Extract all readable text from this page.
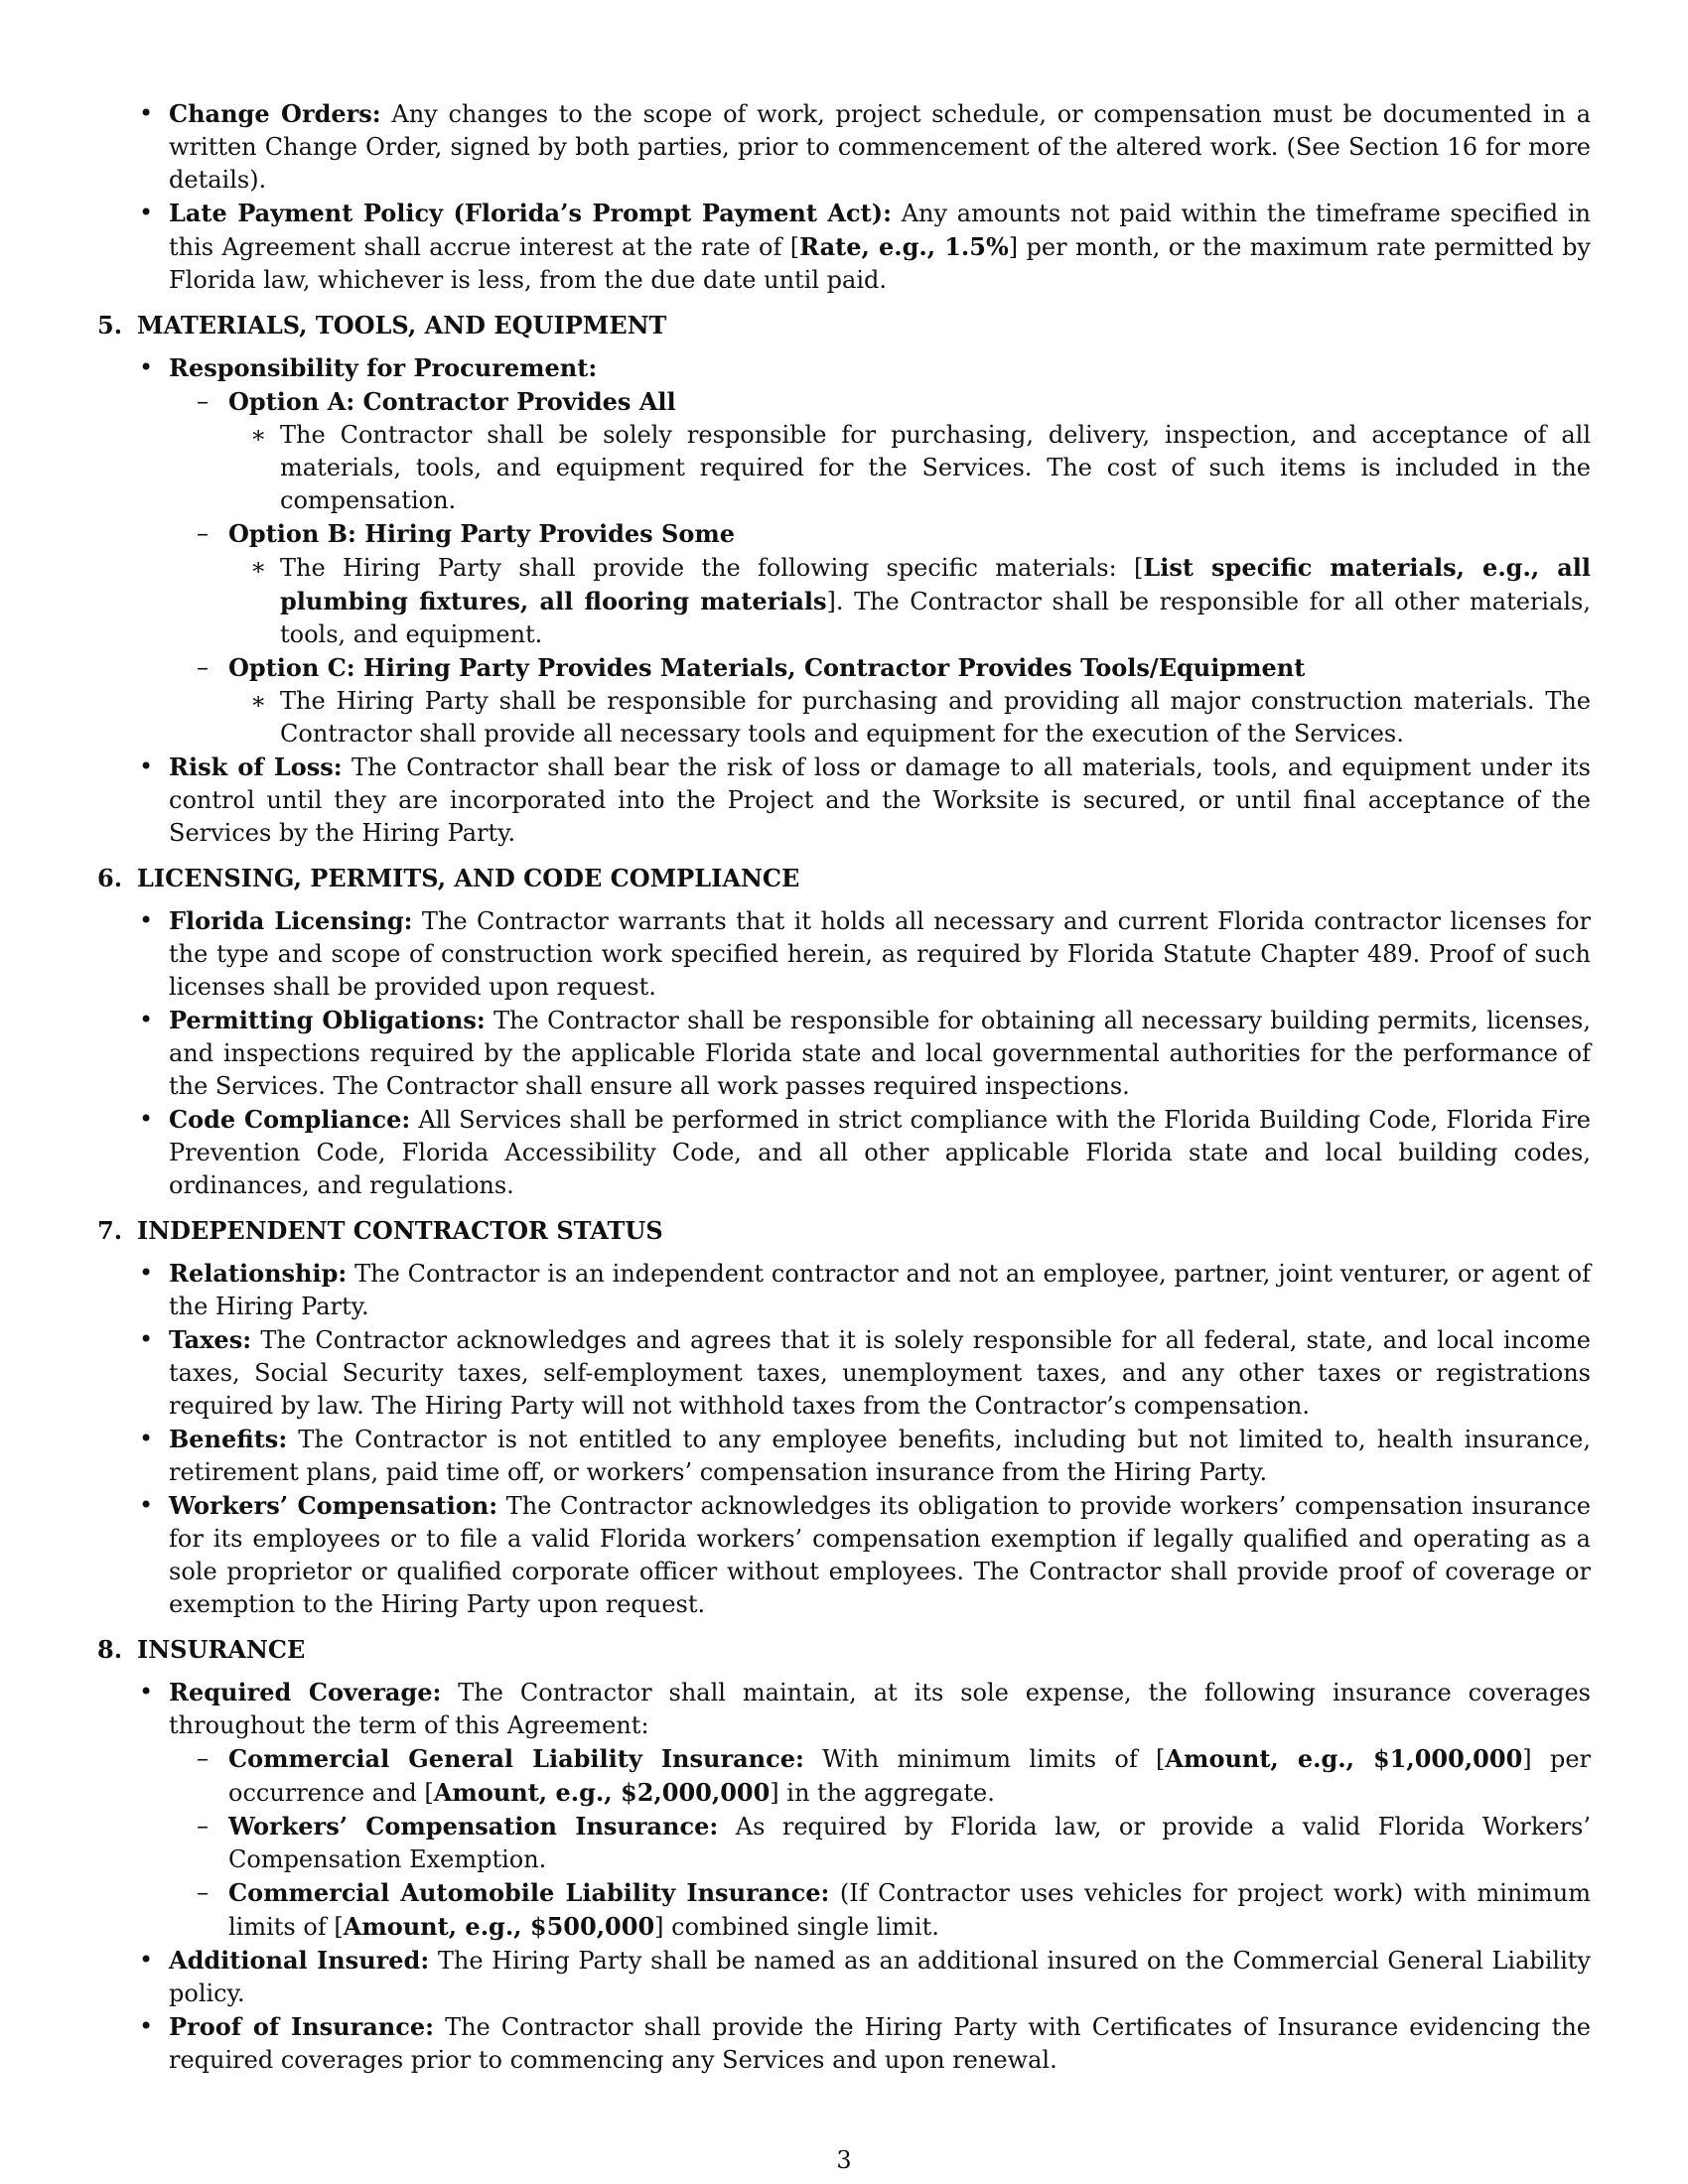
• Change Orders: Any changes to the scope of work, project schedule, or compensation must be documented in a written Change Order, signed by both parties, prior to commencement of the altered work. (See Section 16 for more details).
• Late Payment Policy (Florida’s Prompt Payment Act): Any amounts not paid within the timeframe specified in this Agreement shall accrue interest at the rate of [Rate, e.g., 1.5%] per month, or the maximum rate permitted by Florida law, whichever is less, from the due date until paid.
5. MATERIALS, TOOLS, AND EQUIPMENT
• Responsibility for Procurement:
– Option A: Contractor Provides All
∗ The Contractor shall be solely responsible for purchasing, delivery, inspection, and acceptance of all materials, tools, and equipment required for the Services. The cost of such items is included in the compensation.
– Option B: Hiring Party Provides Some
∗ The Hiring Party shall provide the following specific materials: [List specific materials, e.g., all plumbing fixtures, all flooring materials]. The Contractor shall be responsible for all other materials, tools, and equipment.
– Option C: Hiring Party Provides Materials, Contractor Provides Tools/Equipment
∗ The Hiring Party shall be responsible for purchasing and providing all major construction materials. The Contractor shall provide all necessary tools and equipment for the execution of the Services.
• Risk of Loss: The Contractor shall bear the risk of loss or damage to all materials, tools, and equipment under its control until they are incorporated into the Project and the Worksite is secured, or until final acceptance of the Services by the Hiring Party.
6. LICENSING, PERMITS, AND CODE COMPLIANCE
• Florida Licensing: The Contractor warrants that it holds all necessary and current Florida contractor licenses for the type and scope of construction work specified herein, as required by Florida Statute Chapter 489. Proof of such licenses shall be provided upon request.
• Permitting Obligations: The Contractor shall be responsible for obtaining all necessary building permits, licenses, and inspections required by the applicable Florida state and local governmental authorities for the performance of the Services. The Contractor shall ensure all work passes required inspections.
• Code Compliance: All Services shall be performed in strict compliance with the Florida Building Code, Florida Fire Prevention Code, Florida Accessibility Code, and all other applicable Florida state and local building codes, ordinances, and regulations.
7. INDEPENDENT CONTRACTOR STATUS
• Relationship: The Contractor is an independent contractor and not an employee, partner, joint venturer, or agent of the Hiring Party.
• Taxes: The Contractor acknowledges and agrees that it is solely responsible for all federal, state, and local income taxes, Social Security taxes, self-employment taxes, unemployment taxes, and any other taxes or registrations required by law. The Hiring Party will not withhold taxes from the Contractor’s compensation.
• Benefits: The Contractor is not entitled to any employee benefits, including but not limited to, health insurance, retirement plans, paid time off, or workers’ compensation insurance from the Hiring Party.
• Workers’ Compensation: The Contractor acknowledges its obligation to provide workers’ compensation insurance for its employees or to file a valid Florida workers’ compensation exemption if legally qualified and operating as a sole proprietor or qualified corporate officer without employees. The Contractor shall provide proof of coverage or exemption to the Hiring Party upon request.
8. INSURANCE
• Required Coverage: The Contractor shall maintain, at its sole expense, the following insurance coverages throughout the term of this Agreement:
– Commercial General Liability Insurance: With minimum limits of [Amount, e.g., $1,000,000] per occurrence and [Amount, e.g., $2,000,000] in the aggregate.
– Workers’ Compensation Insurance: As required by Florida law, or provide a valid Florida Workers’ Compensation Exemption.
– Commercial Automobile Liability Insurance: (If Contractor uses vehicles for project work) with minimum limits of [Amount, e.g., $500,000] combined single limit.
• Additional Insured: The Hiring Party shall be named as an additional insured on the Commercial General Liability policy.
• Proof of Insurance: The Contractor shall provide the Hiring Party with Certificates of Insurance evidencing the required coverages prior to commencing any Services and upon renewal.
3
